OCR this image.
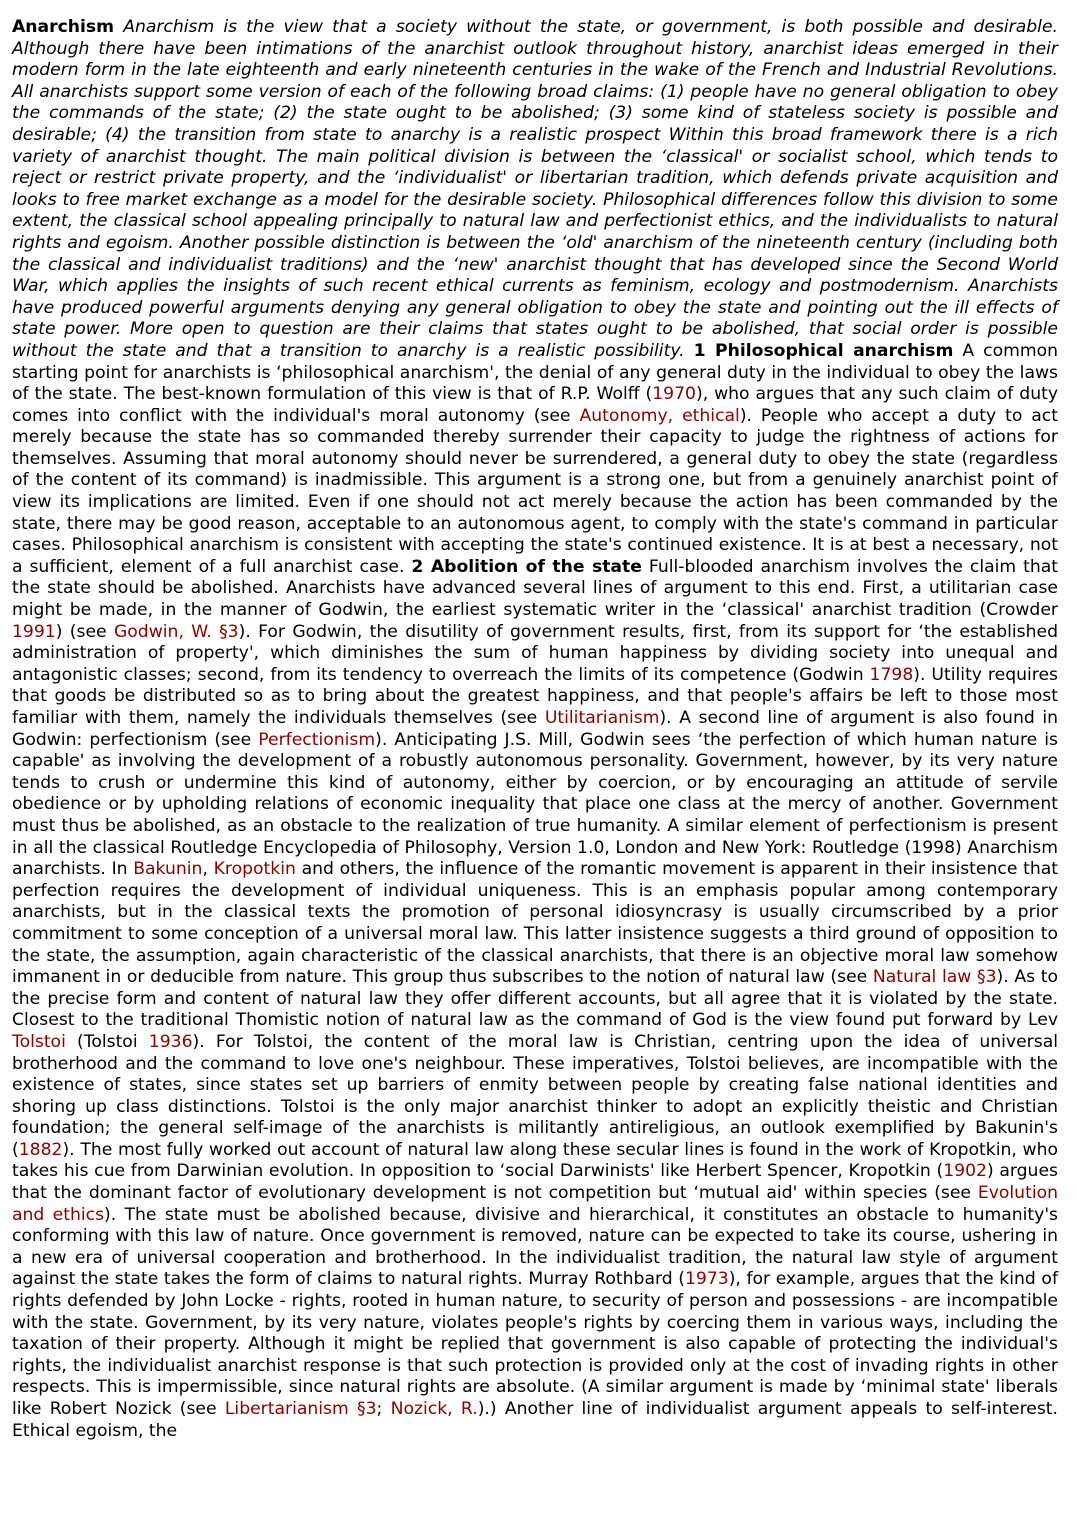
Anarchism Anarchism is the view that a society without the state, or government, is both possible and desirable. Although there have been intimations of the anarchist outlook throughout history, anarchist ideas emerged in their modern form in the late eighteenth and early nineteenth centuries in the wake of the French and Industrial Revolutions. All anarchists support some version of each of the following broad claims: (1) people have no general obligation to obey the commands of the state; (2) the state ought to be abolished; (3) some kind of stateless society is possible and desirable; (4) the transition from state to anarchy is a realistic prospect Within this broad framework there is a rich variety of anarchist thought. The main political division is between the ‘classical' or socialist school, which tends to reject or restrict private property, and the ‘individualist' or libertarian tradition, which defends private acquisition and looks to free market exchange as a model for the desirable society. Philosophical differences follow this division to some extent, the classical school appealing principally to natural law and perfectionist ethics, and the individualists to natural rights and egoism. Another possible distinction is between the ‘old' anarchism of the nineteenth century (including both the classical and individualist traditions) and the ‘new' anarchist thought that has developed since the Second World War, which applies the insights of such recent ethical currents as feminism, ecology and postmodernism. Anarchists have produced powerful arguments denying any general obligation to obey the state and pointing out the ill effects of state power. More open to question are their claims that states ought to be abolished, that social order is possible without the state and that a transition to anarchy is a realistic possibility. 1 Philosophical anarchism A common starting point for anarchists is ‘philosophical anarchism', the denial of any general duty in the individual to obey the laws of the state. The best-known formulation of this view is that of R.P. Wolff (1970), who argues that any such claim of duty comes into conflict with the individual's moral autonomy (see Autonomy, ethical). People who accept a duty to act merely because the state has so commanded thereby surrender their capacity to judge the rightness of actions for themselves. Assuming that moral autonomy should never be surrendered, a general duty to obey the state (regardless of the content of its command) is inadmissible. This argument is a strong one, but from a genuinely anarchist point of view its implications are limited. Even if one should not act merely because the action has been commanded by the state, there may be good reason, acceptable to an autonomous agent, to comply with the state's command in particular cases. Philosophical anarchism is consistent with accepting the state's continued existence. It is at best a necessary, not a sufficient, element of a full anarchist case. 2 Abolition of the state Full-blooded anarchism involves the claim that the state should be abolished. Anarchists have advanced several lines of argument to this end. First, a utilitarian case might be made, in the manner of Godwin, the earliest systematic writer in the ‘classical' anarchist tradition (Crowder 1991) (see Godwin, W. §3). For Godwin, the disutility of government results, first, from its support for ‘the established administration of property', which diminishes the sum of human happiness by dividing society into unequal and antagonistic classes; second, from its tendency to overreach the limits of its competence (Godwin 1798). Utility requires that goods be distributed so as to bring about the greatest happiness, and that people's affairs be left to those most familiar with them, namely the individuals themselves (see Utilitarianism). A second line of argument is also found in Godwin: perfectionism (see Perfectionism). Anticipating J.S. Mill, Godwin sees ‘the perfection of which human nature is capable' as involving the development of a robustly autonomous personality. Government, however, by its very nature tends to crush or undermine this kind of autonomy, either by coercion, or by encouraging an attitude of servile obedience or by upholding relations of economic inequality that place one class at the mercy of another. Government must thus be abolished, as an obstacle to the realization of true humanity. A similar element of perfectionism is present in all the classical Routledge Encyclopedia of Philosophy, Version 1.0, London and New York: Routledge (1998) Anarchism anarchists. In Bakunin, Kropotkin and others, the influence of the romantic movement is apparent in their insistence that perfection requires the development of individual uniqueness. This is an emphasis popular among contemporary anarchists, but in the classical texts the promotion of personal idiosyncrasy is usually circumscribed by a prior commitment to some conception of a universal moral law. This latter insistence suggests a third ground of opposition to the state, the assumption, again characteristic of the classical anarchists, that there is an objective moral law somehow immanent in or deducible from nature. This group thus subscribes to the notion of natural law (see Natural law §3). As to the precise form and content of natural law they offer different accounts, but all agree that it is violated by the state. Closest to the traditional Thomistic notion of natural law as the command of God is the view found put forward by Lev Tolstoi (Tolstoi 1936). For Tolstoi, the content of the moral law is Christian, centring upon the idea of universal brotherhood and the command to love one's neighbour. These imperatives, Tolstoi believes, are incompatible with the existence of states, since states set up barriers of enmity between people by creating false national identities and shoring up class distinctions. Tolstoi is the only major anarchist thinker to adopt an explicitly theistic and Christian foundation; the general self-image of the anarchists is militantly antireligious, an outlook exemplified by Bakunin's (1882). The most fully worked out account of natural law along these secular lines is found in the work of Kropotkin, who takes his cue from Darwinian evolution. In opposition to ‘social Darwinists' like Herbert Spencer, Kropotkin (1902) argues that the dominant factor of evolutionary development is not competition but ‘mutual aid' within species (see Evolution and ethics). The state must be abolished because, divisive and hierarchical, it constitutes an obstacle to humanity's conforming with this law of nature. Once government is removed, nature can be expected to take its course, ushering in a new era of universal cooperation and brotherhood. In the individualist tradition, the natural law style of argument against the state takes the form of claims to natural rights. Murray Rothbard (1973), for example, argues that the kind of rights defended by John Locke - rights, rooted in human nature, to security of person and possessions - are incompatible with the state. Government, by its very nature, violates people's rights by coercing them in various ways, including the taxation of their property. Although it might be replied that government is also capable of protecting the individual's rights, the individualist anarchist response is that such protection is provided only at the cost of invading rights in other respects. This is impermissible, since natural rights are absolute. (A similar argument is made by ‘minimal state' liberals like Robert Nozick (see Libertarianism §3; Nozick, R.).) Another line of individualist argument appeals to self-interest. Ethical egoism, the
